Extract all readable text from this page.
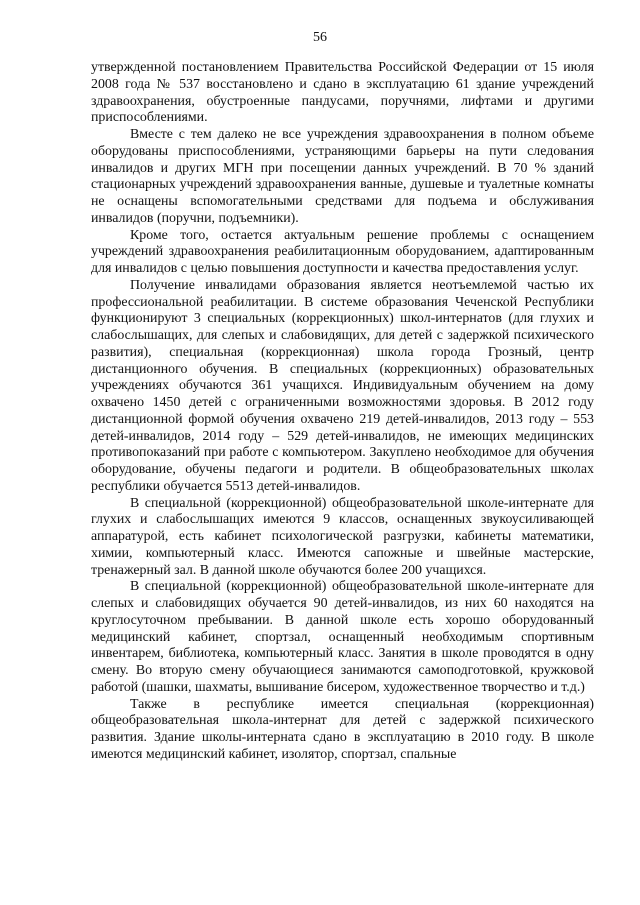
56

утвержденной постановлением Правительства Российской Федерации от 15 июля 2008 года № 537 восстановлено и сдано в эксплуатацию 61 здание учреждений здравоохранения, обустроенные пандусами, поручнями, лифтами и другими приспособлениями.

Вместе с тем далеко не все учреждения здравоохранения в полном объеме оборудованы приспособлениями, устраняющими барьеры на пути следования инвалидов и других МГН при посещении данных учреждений. В 70 % зданий стационарных учреждений здравоохранения ванные, душевые и туалетные комнаты не оснащены вспомогательными средствами для подъема и обслуживания инвалидов (поручни, подъемники).

Кроме того, остается актуальным решение проблемы с оснащением учреждений здравоохранения реабилитационным оборудованием, адаптированным для инвалидов с целью повышения доступности и качества предоставления услуг.

Получение инвалидами образования является неотъемлемой частью их профессиональной реабилитации. В системе образования Чеченской Республики функционируют 3 специальных (коррекционных) школ-интернатов (для глухих и слабослышащих, для слепых и слабовидящих, для детей с задержкой психического развития), специальная (коррекционная) школа города Грозный, центр дистанционного обучения. В специальных (коррекционных) образовательных учреждениях обучаются 361 учащихся. Индивидуальным обучением на дому охвачено 1450 детей с ограниченными возможностями здоровья. В 2012 году дистанционной формой обучения охвачено 219 детей-инвалидов, 2013 году – 553 детей-инвалидов, 2014 году – 529 детей-инвалидов, не имеющих медицинских противопоказаний при работе с компьютером. Закуплено необходимое для обучения оборудование, обучены педагоги и родители. В общеобразовательных школах республики обучается 5513 детей-инвалидов.

В специальной (коррекционной) общеобразовательной школе-интернате для глухих и слабослышащих имеются 9 классов, оснащенных звукоусиливающей аппаратурой, есть кабинет психологической разгрузки, кабинеты математики, химии, компьютерный класс. Имеются сапожные и швейные мастерские, тренажерный зал. В данной школе обучаются более 200 учащихся.

В специальной (коррекционной) общеобразовательной школе-интернате для слепых и слабовидящих обучается 90 детей-инвалидов, из них 60 находятся на круглосуточном пребывании. В данной школе есть хорошо оборудованный медицинский кабинет, спортзал, оснащенный необходимым спортивным инвентарем, библиотека, компьютерный класс. Занятия в школе проводятся в одну смену. Во вторую смену обучающиеся занимаются самоподготовкой, кружковой работой (шашки, шахматы, вышивание бисером, художественное творчество и т.д.)

Также в республике имеется специальная (коррекционная) общеобразовательная школа-интернат для детей с задержкой психического развития. Здание школы-интерната сдано в эксплуатацию в 2010 году. В школе имеются медицинский кабинет, изолятор, спортзал, спальные
